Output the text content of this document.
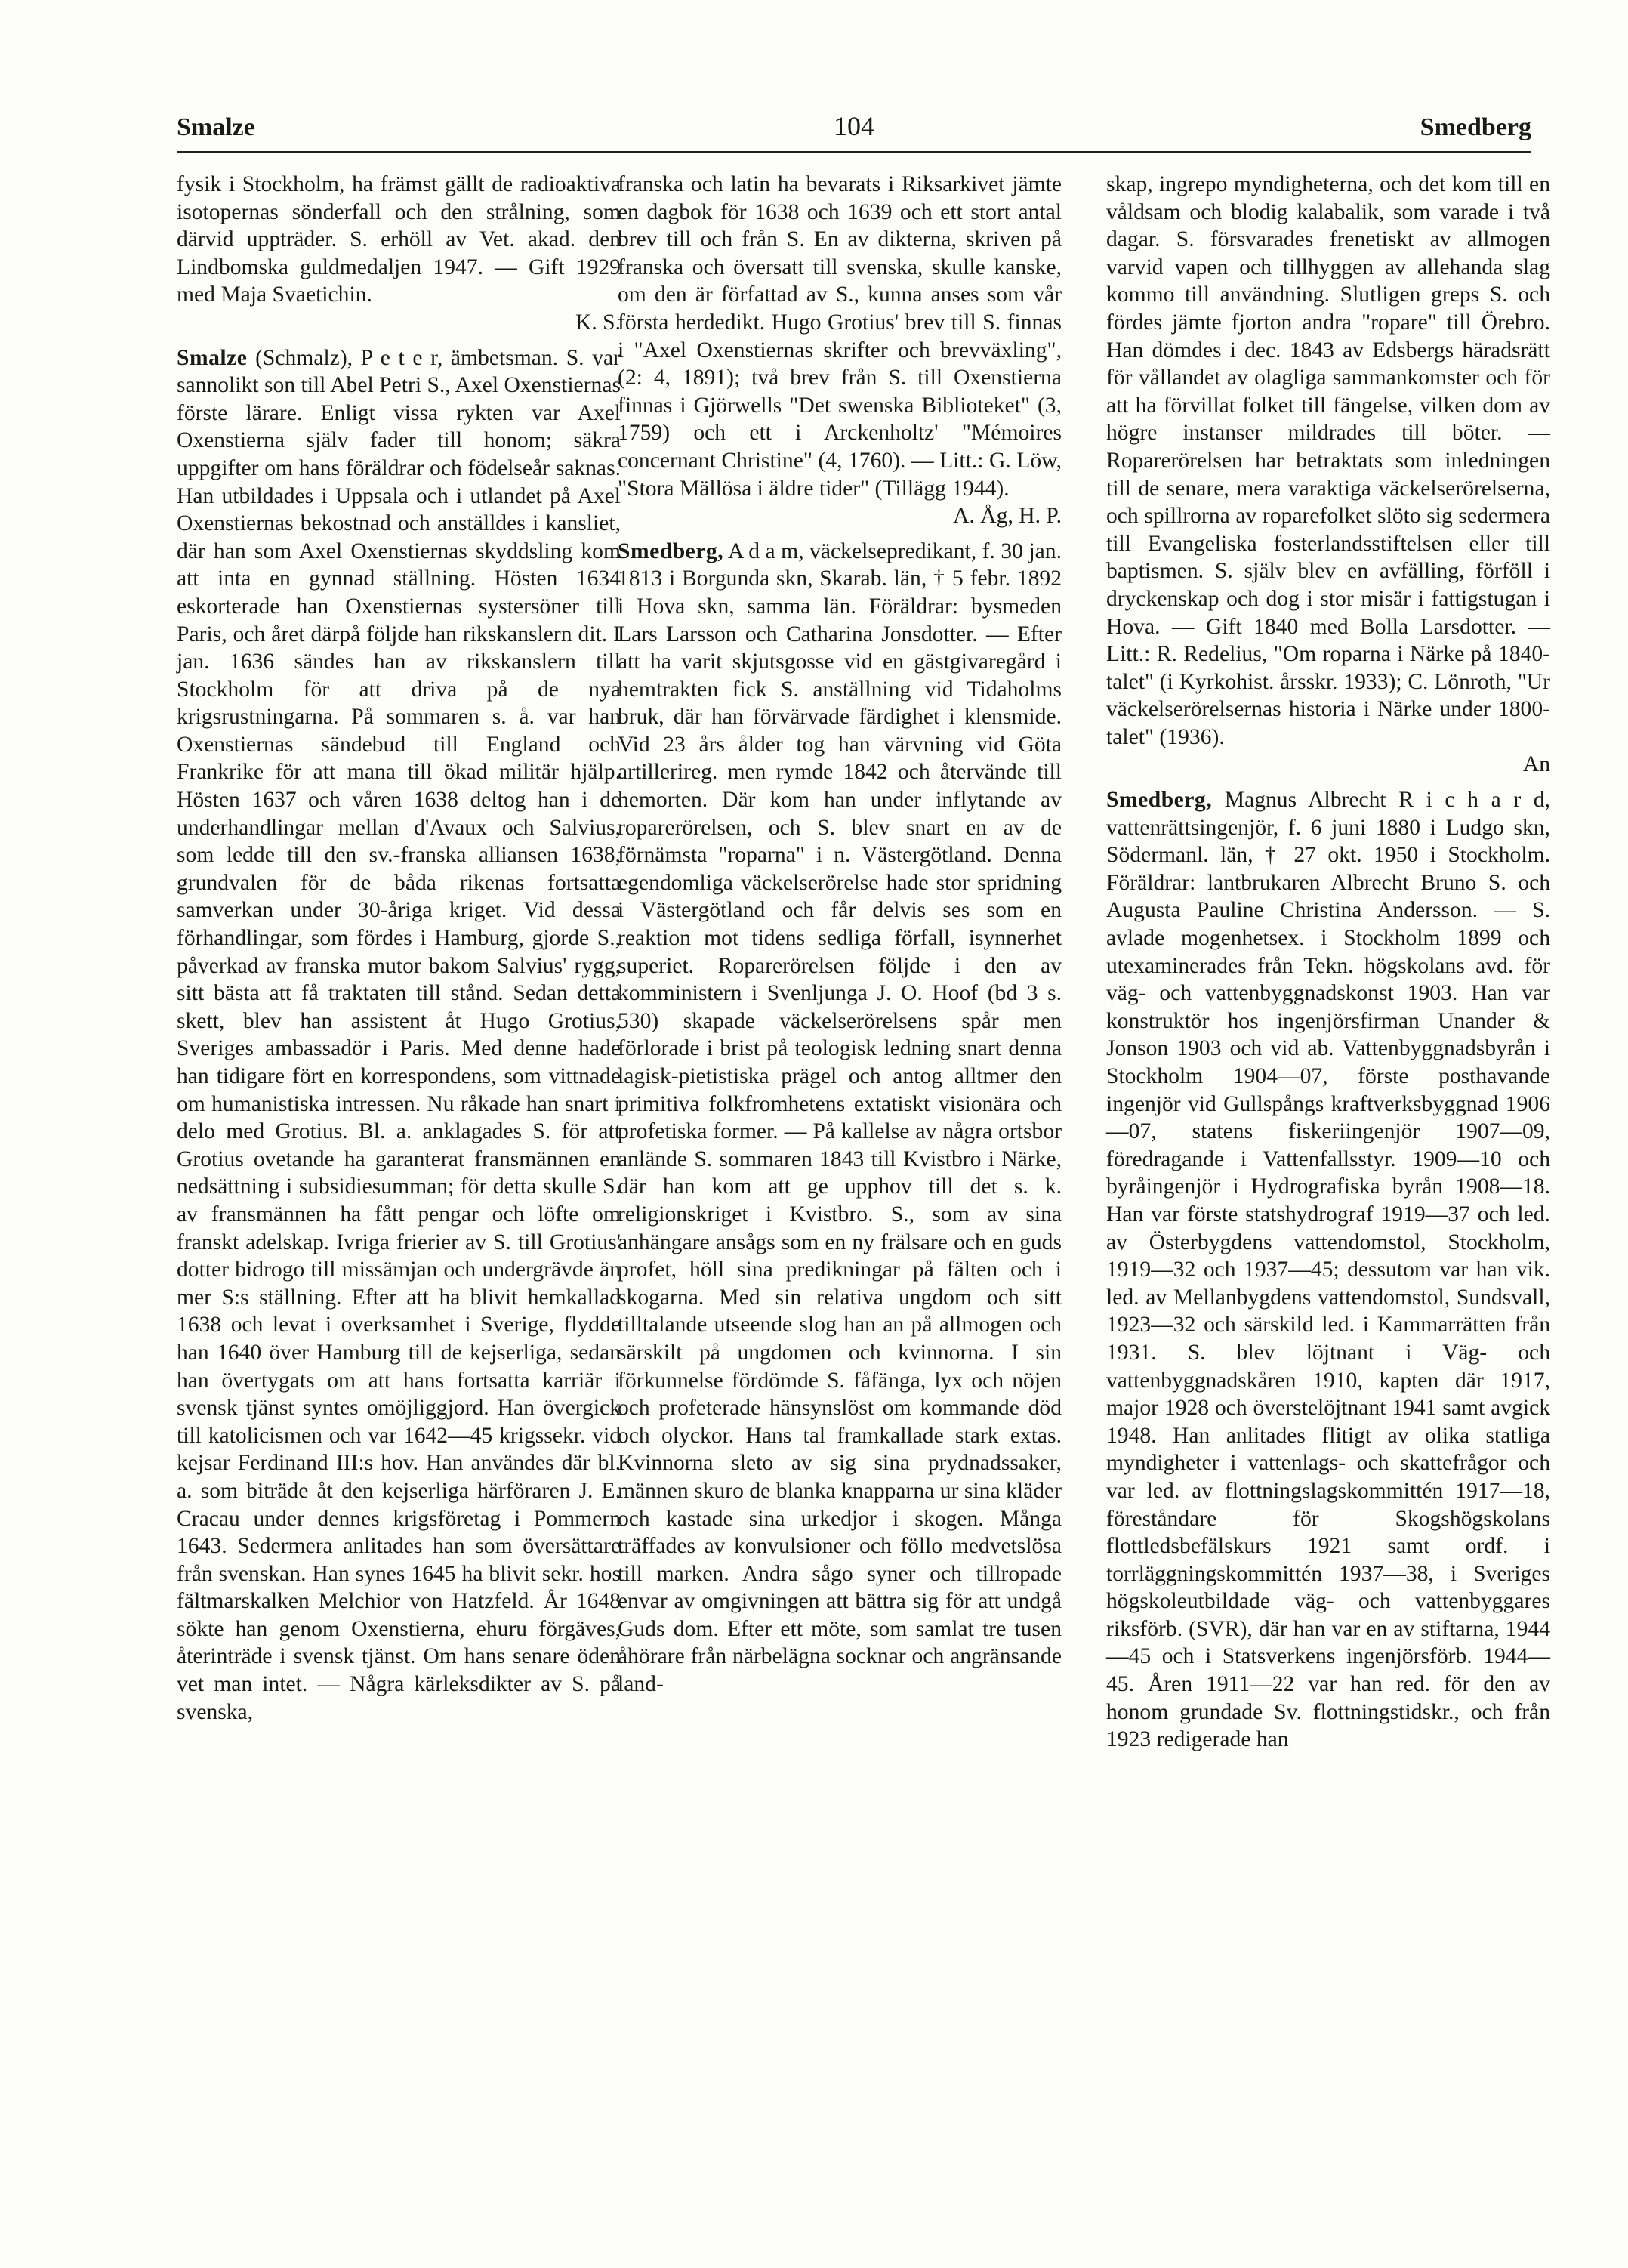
Smalze	104	Smedberg

fysik i Stockholm, ha främst gällt de radioaktiva isotopernas sönderfall och den strålning, som därvid uppträder. S. erhöll av Vet. akad. den Lindbomska guldmedaljen 1947. — Gift 1929 med Maja Svaetichin.
K. S.

Smalze (Schmalz), P e t e r, ämbetsman. S. var sannolikt son till Abel Petri S., Axel Oxenstiernas förste lärare. Enligt vissa rykten var Axel Oxenstierna själv fader till honom; säkra uppgifter om hans föräldrar och födelseår saknas. Han utbildades i Uppsala och i utlandet på Axel Oxenstiernas bekostnad och anställdes i kansliet, där han som Axel Oxenstiernas skyddsling kom att inta en gynnad ställning. Hösten 1634 eskorterade han Oxenstiernas systersöner till Paris, och året därpå följde han rikskanslern dit. I jan. 1636 sändes han av rikskanslern till Stockholm för att driva på de nya krigsrustningarna. På sommaren s. å. var han Oxenstiernas sändebud till England och Frankrike för att mana till ökad militär hjälp. Hösten 1637 och våren 1638 deltog han i de underhandlingar mellan d'Avaux och Salvius, som ledde till den sv.-franska alliansen 1638, grundvalen för de båda rikenas fortsatta samverkan under 30-åriga kriget. Vid dessa förhandlingar, som fördes i Hamburg, gjorde S., påverkad av franska mutor bakom Salvius' rygg, sitt bästa att få traktaten till stånd. Sedan detta skett, blev han assistent åt Hugo Grotius, Sveriges ambassadör i Paris. Med denne hade han tidigare fört en korrespondens, som vittnade om humanistiska intressen. Nu råkade han snart i delo med Grotius. Bl. a. anklagades S. för att Grotius ovetande ha garanterat fransmännen en nedsättning i subsidiesumman; för detta skulle S. av fransmännen ha fått pengar och löfte om franskt adelskap. Ivriga frierier av S. till Grotius' dotter bidrogo till missämjan och undergrävde än mer S:s ställning. Efter att ha blivit hemkallad 1638 och levat i overksamhet i Sverige, flydde han 1640 över Hamburg till de kejserliga, sedan han övertygats om att hans fortsatta karriär i svensk tjänst syntes omöjliggjord. Han övergick till katolicismen och var 1642—45 krigssekr. vid kejsar Ferdinand III:s hov. Han användes där bl. a. som biträde åt den kejserliga härföraren J. E. Cracau under dennes krigsföretag i Pommern 1643. Sedermera anlitades han som översättare från svenskan. Han synes 1645 ha blivit sekr. hos fältmarskalken Melchior von Hatzfeld. År 1648 sökte han genom Oxenstierna, ehuru förgäves, återinträde i svensk tjänst. Om hans senare öden vet man intet. — Några kärleksdikter av S. på svenska,

franska och latin ha bevarats i Riksarkivet jämte en dagbok för 1638 och 1639 och ett stort antal brev till och från S. En av dikterna, skriven på franska och översatt till svenska, skulle kanske, om den är författad av S., kunna anses som vår första herdedikt. Hugo Grotius' brev till S. finnas i "Axel Oxenstiernas skrifter och brevväxling", (2: 4, 1891); två brev från S. till Oxenstierna finnas i Gjörwells "Det swenska Biblioteket" (3, 1759) och ett i Arckenholtz' "Mémoires concernant Christine" (4, 1760). — Litt.: G. Löw, "Stora Mällösa i äldre tider" (Tillägg 1944).
A. Åg, H. P.

Smedberg, A d a m, väckelsepredikant, f. 30 jan. 1813 i Borgunda skn, Skarab. län, † 5 febr. 1892 i Hova skn, samma län. Föräldrar: bysmeden Lars Larsson och Catharina Jonsdotter. — Efter att ha varit skjutsgosse vid en gästgivaregård i hemtrakten fick S. anställning vid Tidaholms bruk, där han förvärvade färdighet i klensmide. Vid 23 års ålder tog han värvning vid Göta artillerireg. men rymde 1842 och återvände till hemorten. Där kom han under inflytande av roparerörelsen, och S. blev snart en av de förnämsta "roparna" i n. Västergötland. Denna egendomliga väckelserörelse hade stor spridning i Västergötland och får delvis ses som en reaktion mot tidens sedliga förfall, isynnerhet superiet. Roparerörelsen följde i den av komministern i Svenljunga J. O. Hoof (bd 3 s. 530) skapade väckelserörelsens spår men förlorade i brist på teologisk ledning snart denna lagisk-pietistiska prägel och antog alltmer den primitiva folkfromhetens extatiskt visionära och profetiska former. — På kallelse av några ortsbor anlände S. sommaren 1843 till Kvistbro i Närke, där han kom att ge upphov till det s. k. religionskriget i Kvistbro. S., som av sina anhängare ansågs som en ny frälsare och en guds profet, höll sina predikningar på fälten och i skogarna. Med sin relativa ungdom och sitt tilltalande utseende slog han an på allmogen och särskilt på ungdomen och kvinnorna. I sin förkunnelse fördömde S. fåfänga, lyx och nöjen och profeterade hänsynslöst om kommande död och olyckor. Hans tal framkallade stark extas. Kvinnorna sleto av sig sina prydnadssaker, männen skuro de blanka knapparna ur sina kläder och kastade sina urkedjor i skogen. Många träffades av konvulsioner och föllo medvetslösa till marken. Andra sågo syner och tillropade envar av omgivningen att bättra sig för att undgå Guds dom. Efter ett möte, som samlat tre tusen åhörare från närbelägna socknar och angränsande land-

skap, ingrepo myndigheterna, och det kom till en våldsam och blodig kalabalik, som varade i två dagar. S. försvarades frenetiskt av allmogen varvid vapen och tillhyggen av allehanda slag kommo till användning. Slutligen greps S. och fördes jämte fjorton andra "ropare" till Örebro. Han dömdes i dec. 1843 av Edsbergs häradsrätt för vållandet av olagliga sammankomster och för att ha förvillat folket till fängelse, vilken dom av högre instanser mildrades till böter. — Roparerörelsen har betraktats som inledningen till de senare, mera varaktiga väckelserörelserna, och spillrorna av roparefolket slöto sig sedermera till Evangeliska fosterlandsstiftelsen eller till baptismen. S. själv blev en avfälling, förföll i dryckenskap och dog i stor misär i fattigstugan i Hova. — Gift 1840 med Bolla Larsdotter. — Litt.: R. Redelius, "Om roparna i Närke på 1840-talet" (i Kyrkohist. årsskr. 1933); C. Lönroth, "Ur väckelserörelsernas historia i Närke under 1800-talet" (1936).
An

Smedberg, Magnus Albrecht R i c h a r d, vattenrättsingenjör, f. 6 juni 1880 i Ludgo skn, Södermanl. län, † 27 okt. 1950 i Stockholm. Föräldrar: lantbrukaren Albrecht Bruno S. och Augusta Pauline Christina Andersson. — S. avlade mogenhetsex. i Stockholm 1899 och utexaminerades från Tekn. högskolans avd. för väg- och vattenbyggnadskonst 1903. Han var konstruktör hos ingenjörsfirman Unander & Jonson 1903 och vid ab. Vattenbyggnadsbyrån i Stockholm 1904—07, förste posthavande ingenjör vid Gullspångs kraftverksbyggnad 1906—07, statens fiskeriingenjör 1907—09, föredragande i Vattenfallsstyr. 1909—10 och byråingenjör i Hydrografiska byrån 1908—18. Han var förste statshydrograf 1919—37 och led. av Österbygdens vattendomstol, Stockholm, 1919—32 och 1937—45; dessutom var han vik. led. av Mellanbygdens vattendomstol, Sundsvall, 1923—32 och särskild led. i Kammarrätten från 1931. S. blev löjtnant i Väg- och vattenbyggnadskåren 1910, kapten där 1917, major 1928 och överstelöjtnant 1941 samt avgick 1948. Han anlitades flitigt av olika statliga myndigheter i vattenlags- och skattefrågor och var led. av flottningslagskommittén 1917—18, föreståndare för Skogshögskolans flottledsbefälskurs 1921 samt ordf. i torrläggningskommittén 1937—38, i Sveriges högskoleutbildade väg- och vattenbyggares riksförb. (SVR), där han var en av stiftarna, 1944—45 och i Statsverkens ingenjörsförb. 1944—45. Åren 1911—22 var han red. för den av honom grundade Sv. flottningstidskr., och från 1923 redigerade han
